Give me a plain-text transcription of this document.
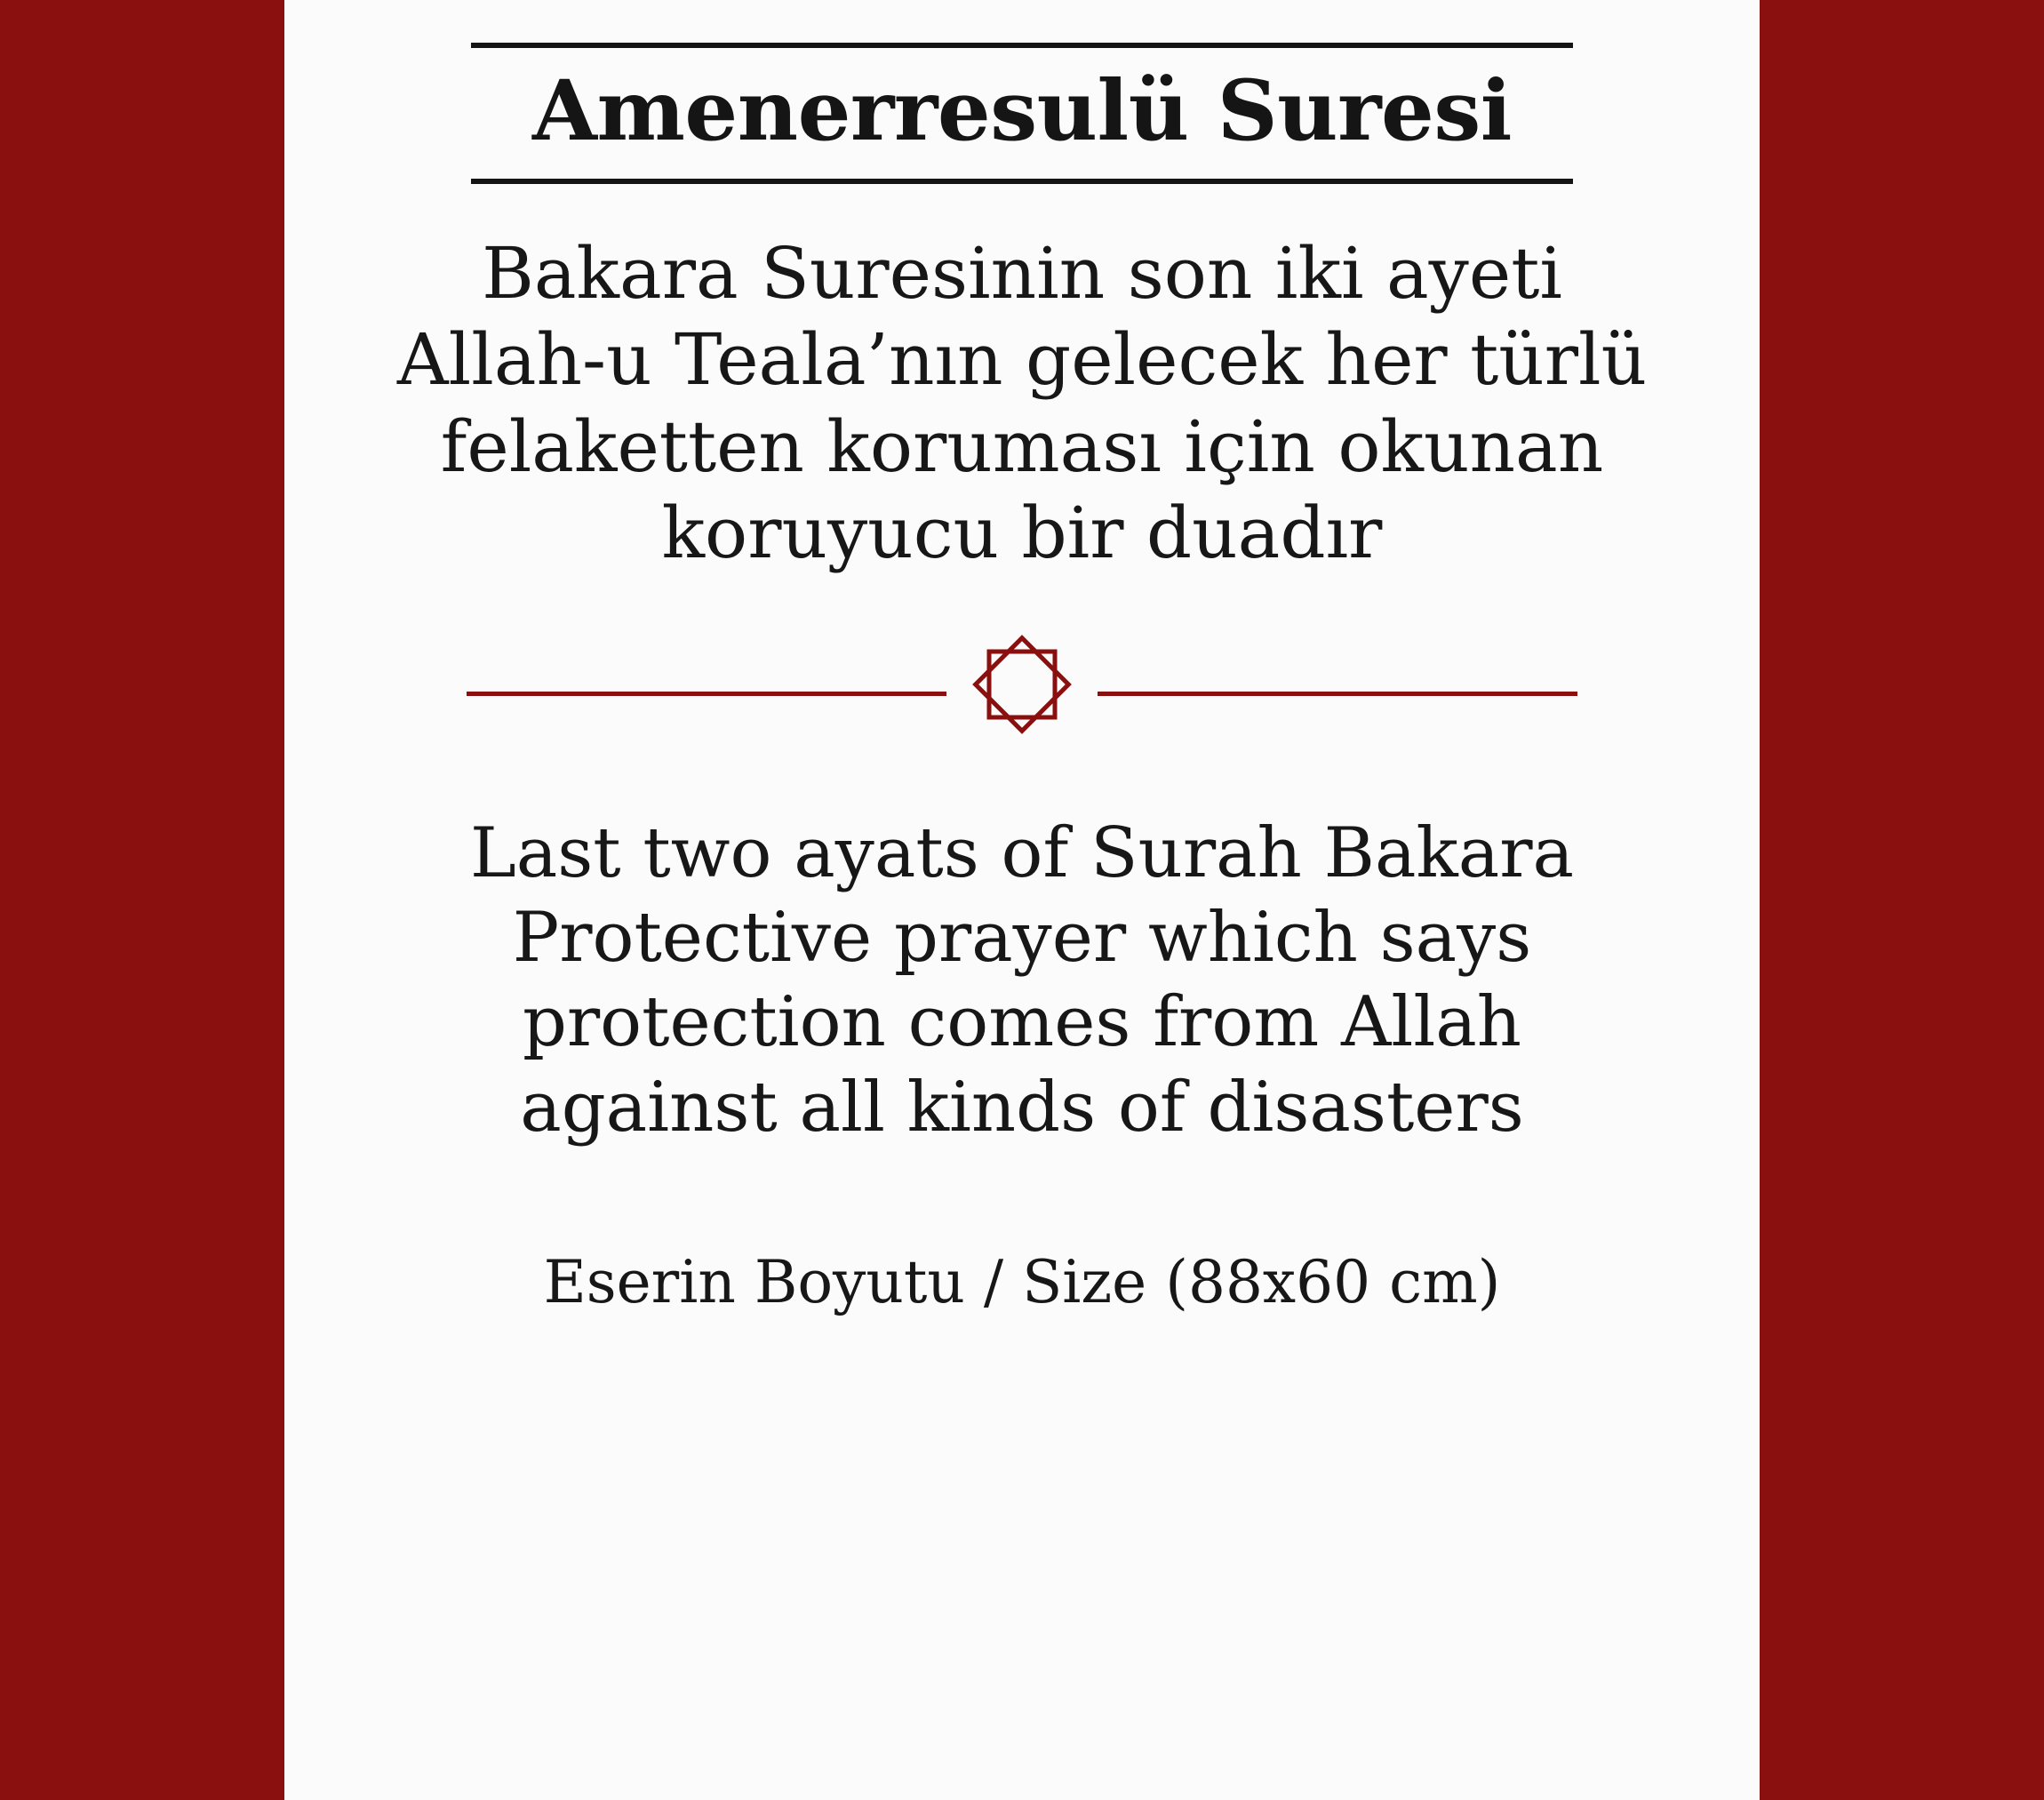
Amenerresulü Suresi
Bakara Suresinin son iki ayeti Allah-u Teala’nın gelecek her türlü felaketten koruması için okunan koruyucu bir duadır
Last two ayats of Surah Bakara Protective prayer which says protection comes from Allah against all kinds of disasters
Eserin Boyutu / Size (88x60 cm)
